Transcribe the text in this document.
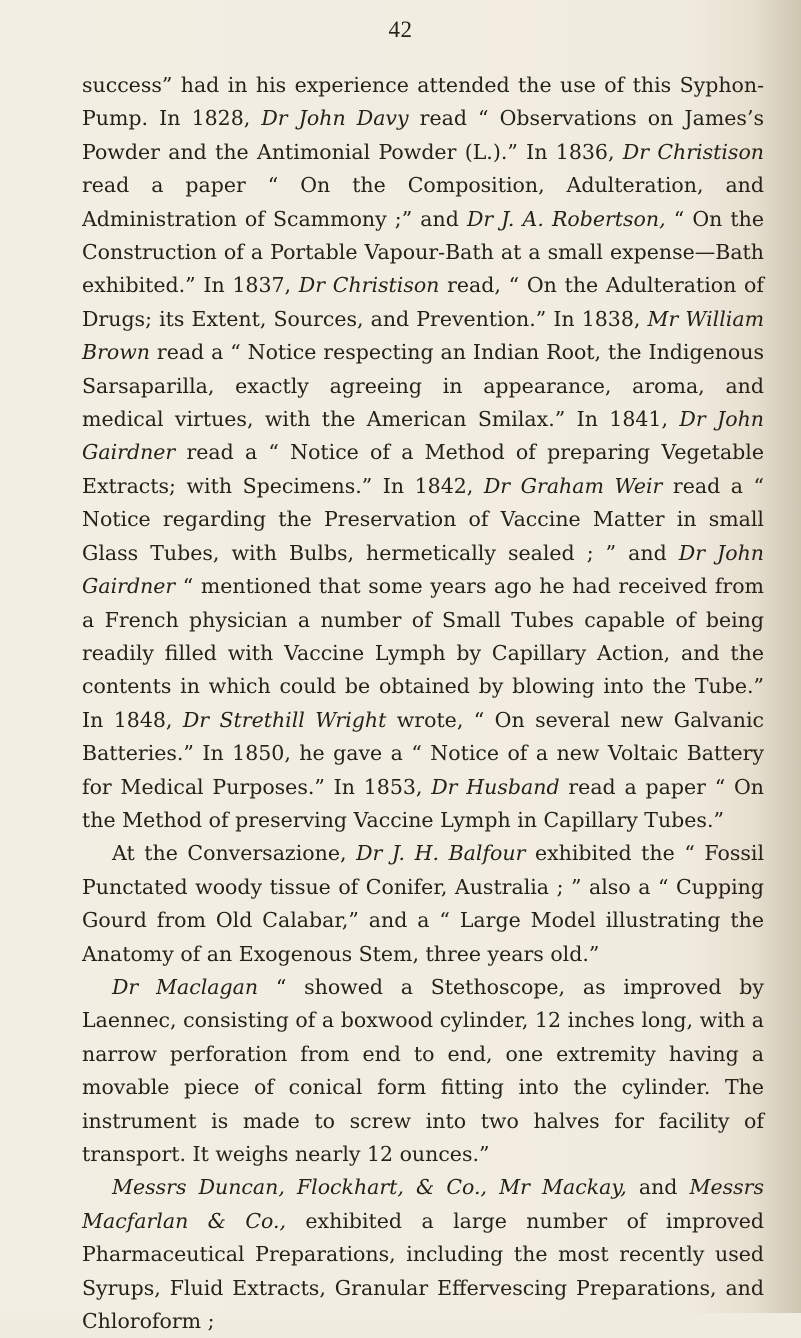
42

success” had in his experience attended the use of this Syphon-Pump. In 1828, Dr John Davy read “ Observations on James’s Powder and the Antimonial Powder (L.).” In 1836, Dr Christison read a paper “ On the Composition, Adulteration, and Administration of Scammony ;” and Dr J. A. Robertson, “ On the Construction of a Portable Vapour-Bath at a small expense—Bath exhibited.” In 1837, Dr Christison read, “ On the Adulteration of Drugs; its Extent, Sources, and Prevention.” In 1838, Mr William Brown read a “ Notice respecting an Indian Root, the Indigenous Sarsaparilla, exactly agreeing in appearance, aroma, and medical virtues, with the American Smilax.” In 1841, Dr John Gairdner read a “ Notice of a Method of preparing Vegetable Extracts; with Specimens.” In 1842, Dr Graham Weir read a “ Notice regarding the Preservation of Vaccine Matter in small Glass Tubes, with Bulbs, hermetically sealed ; ” and Dr John Gairdner “ mentioned that some years ago he had received from a French physician a number of Small Tubes capable of being readily filled with Vaccine Lymph by Capillary Action, and the contents in which could be obtained by blowing into the Tube.” In 1848, Dr Strethill Wright wrote, “ On several new Galvanic Batteries.” In 1850, he gave a “ Notice of a new Voltaic Battery for Medical Purposes.” In 1853, Dr Husband read a paper “ On the Method of preserving Vaccine Lymph in Capillary Tubes.”

At the Conversazione, Dr J. H. Balfour exhibited the “ Fossil Punctated woody tissue of Conifer, Australia ; ” also a “ Cupping Gourd from Old Calabar,” and a “ Large Model illustrating the Anatomy of an Exogenous Stem, three years old.”

Dr Maclagan “ showed a Stethoscope, as improved by Laennec, consisting of a boxwood cylinder, 12 inches long, with a narrow perforation from end to end, one extremity having a movable piece of conical form fitting into the cylinder. The instrument is made to screw into two halves for facility of transport. It weighs nearly 12 ounces.”

Messrs Duncan, Flockhart, & Co., Mr Mackay, and Messrs Macfarlan & Co., exhibited a large number of improved Pharmaceutical Preparations, including the most recently used Syrups, Fluid Extracts, Granular Effervescing Preparations, and Chloroform ;
